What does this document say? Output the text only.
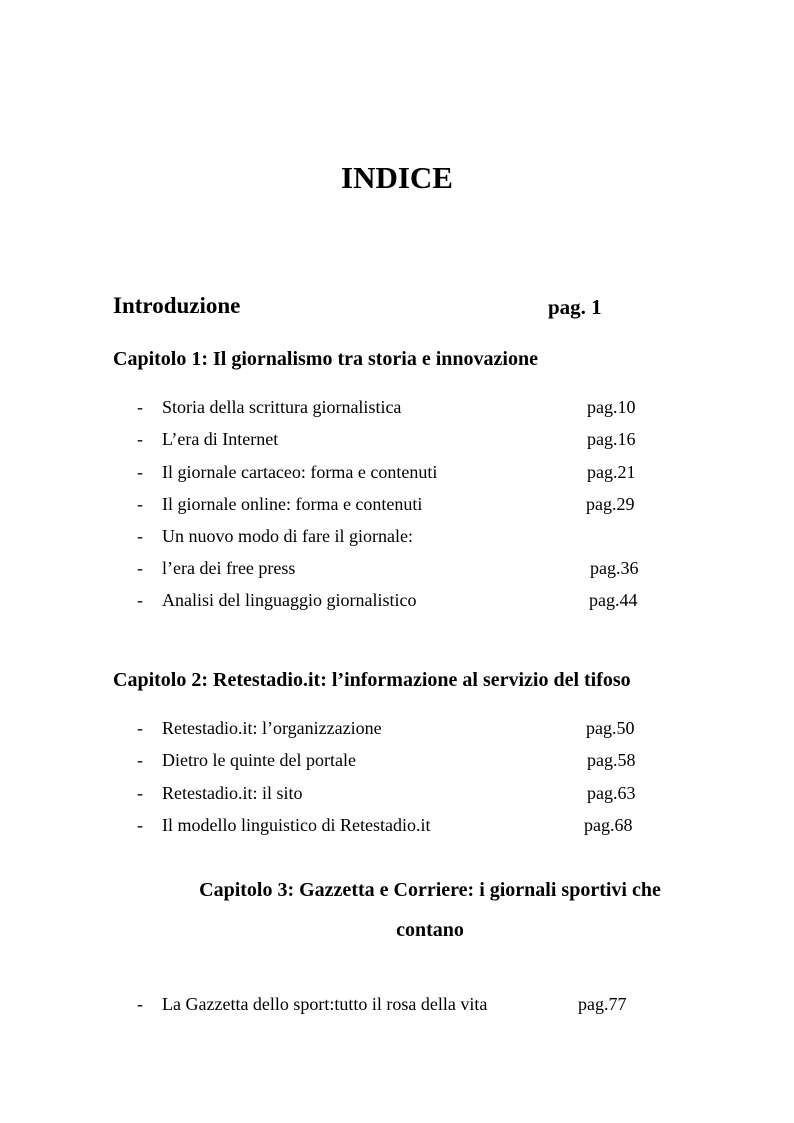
INDICE
Introduzione	pag. 1
Capitolo 1: Il giornalismo tra storia e innovazione
- Storia della scrittura giornalistica	pag.10
- L’era di Internet	pag.16
- Il giornale cartaceo: forma e contenuti	pag.21
- Il giornale online: forma e contenuti	pag.29
- Un nuovo modo di fare il giornale:
- l’era dei free press	pag.36
- Analisi del linguaggio giornalistico	pag.44
Capitolo 2: Retestadio.it: l’informazione al servizio del tifoso
- Retestadio.it: l’organizzazione	pag.50
- Dietro le quinte del portale	pag.58
- Retestadio.it: il sito	pag.63
- Il modello linguistico di Retestadio.it	pag.68
Capitolo 3: Gazzetta e Corriere: i giornali sportivi che
contano
- La Gazzetta dello sport:tutto il rosa della vita	pag.77
